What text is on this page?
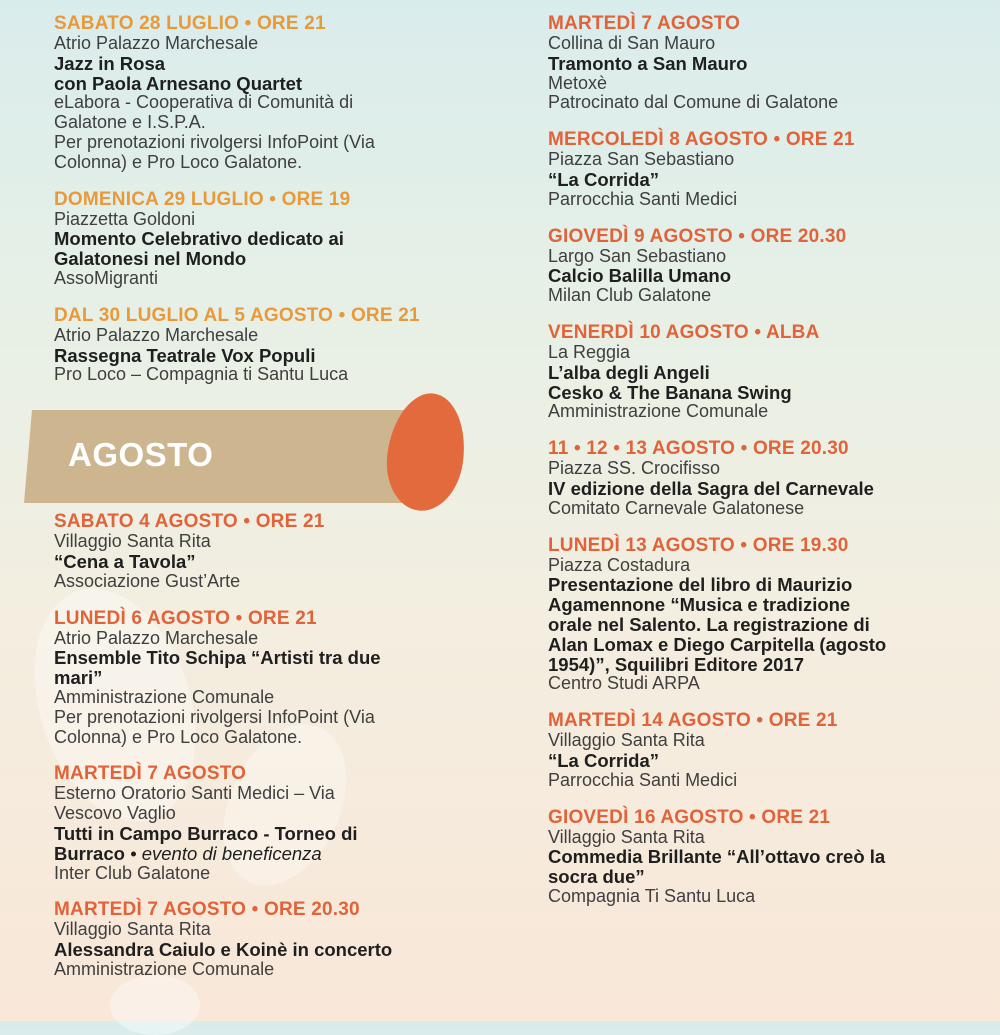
AGOSTO
SABATO 28 LUGLIO • ORE 21
Atrio Palazzo Marchesale
Jazz in Rosa
con Paola Arnesano Quartet
eLabora - Cooperativa di Comunità di
Galatone e I.S.P.A.
Per prenotazioni rivolgersi InfoPoint (Via
Colonna) e Pro Loco Galatone.
DOMENICA 29 LUGLIO • ORE 19
Piazzetta Goldoni
Momento Celebrativo dedicato ai
Galatonesi nel Mondo
AssoMigranti
DAL 30 LUGLIO AL 5 AGOSTO • ORE 21
Atrio Palazzo Marchesale
Rassegna Teatrale Vox Populi
Pro Loco – Compagnia ti Santu Luca
SABATO 4 AGOSTO • ORE 21
Villaggio Santa Rita
“Cena a Tavola”
Associazione Gust’Arte
LUNEDÌ 6 AGOSTO • ORE 21
Atrio Palazzo Marchesale
Ensemble Tito Schipa “Artisti tra due
mari”
Amministrazione Comunale
Per prenotazioni rivolgersi InfoPoint (Via
Colonna) e Pro Loco Galatone.
MARTEDÌ 7 AGOSTO
Esterno Oratorio Santi Medici – Via
Vescovo Vaglio
Tutti in Campo Burraco - Torneo di
Burraco • evento di beneficenza
Inter Club Galatone
MARTEDÌ 7 AGOSTO • ORE 20.30
Villaggio Santa Rita
Alessandra Caiulo e Koinè in concerto
Amministrazione Comunale
MARTEDÌ 7 AGOSTO
Collina di San Mauro
Tramonto a San Mauro
Metoxè
Patrocinato dal Comune di Galatone
MERCOLEDÌ 8 AGOSTO • ORE 21
Piazza San Sebastiano
“La Corrida”
Parrocchia Santi Medici
GIOVEDÌ 9 AGOSTO • ORE 20.30
Largo San Sebastiano
Calcio Balilla Umano
Milan Club Galatone
VENERDÌ 10 AGOSTO • ALBA
La Reggia
L’alba degli Angeli
Cesko & The Banana Swing
Amministrazione Comunale
11 • 12 • 13 AGOSTO • ORE 20.30
Piazza SS. Crocifisso
IV edizione della Sagra del Carnevale
Comitato Carnevale Galatonese
LUNEDÌ 13 AGOSTO • ORE 19.30
Piazza Costadura
Presentazione del libro di Maurizio
Agamennone “Musica e tradizione
orale nel Salento. La registrazione di
Alan Lomax e Diego Carpitella (agosto
1954)”, Squilibri Editore 2017
Centro Studi ARPA
MARTEDÌ 14 AGOSTO • ORE 21
Villaggio Santa Rita
“La Corrida”
Parrocchia Santi Medici
GIOVEDÌ 16 AGOSTO • ORE 21
Villaggio Santa Rita
Commedia Brillante “All’ottavo creò la
socra due”
Compagnia Ti Santu Luca
